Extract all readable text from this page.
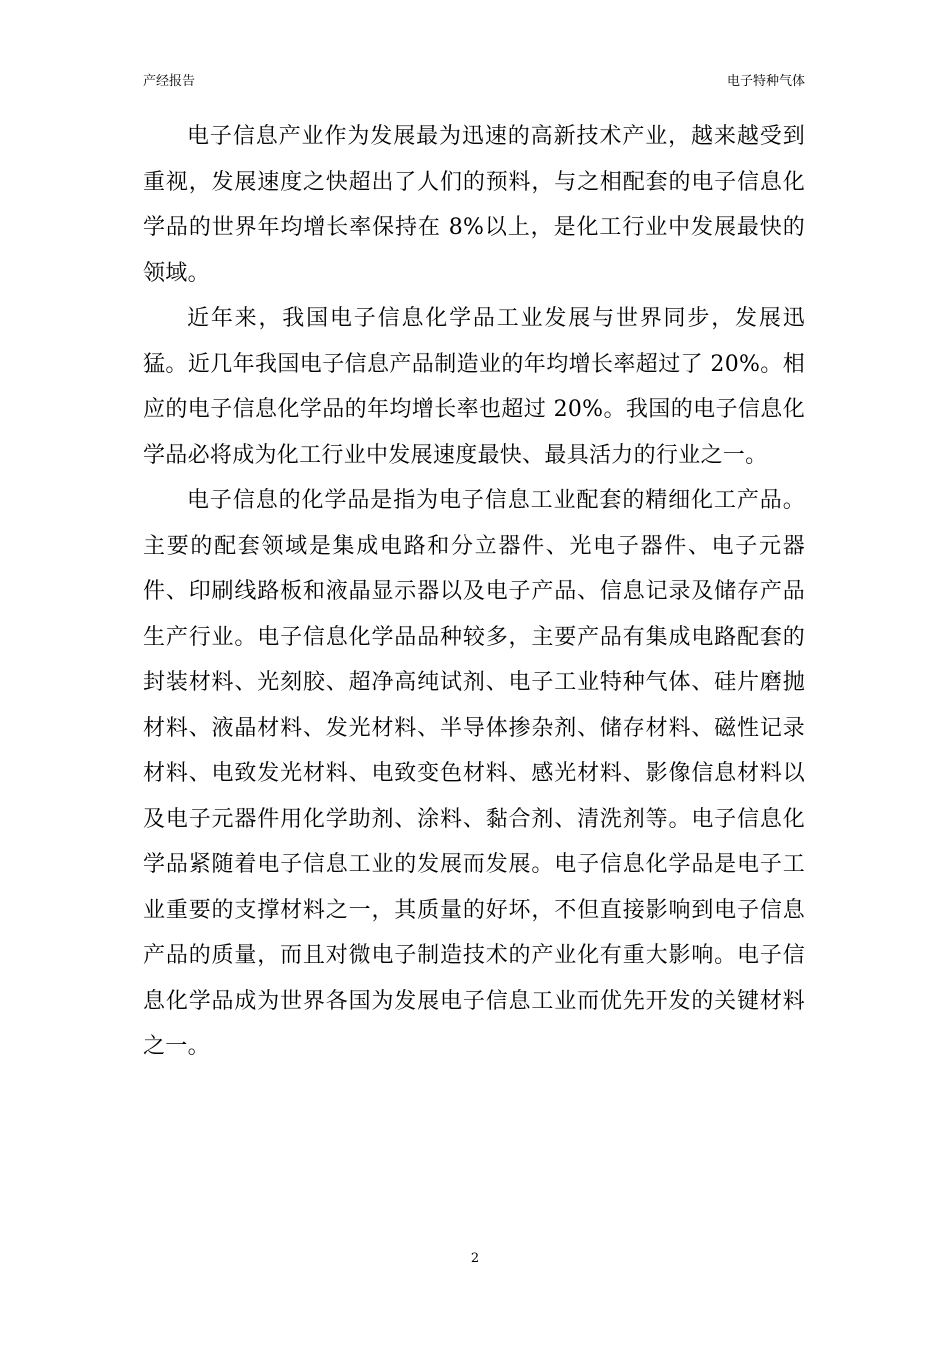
产经报告	电子特种气体

电子信息产业作为发展最为迅速的高新技术产业，越来越受到重视，发展速度之快超出了人们的预料，与之相配套的电子信息化学品的世界年均增长率保持在 8%以上，是化工行业中发展最快的领域。

近年来，我国电子信息化学品工业发展与世界同步，发展迅猛。近几年我国电子信息产品制造业的年均增长率超过了 20%。相应的电子信息化学品的年均增长率也超过 20%。我国的电子信息化学品必将成为化工行业中发展速度最快、最具活力的行业之一。

电子信息的化学品是指为电子信息工业配套的精细化工产品。主要的配套领域是集成电路和分立器件、光电子器件、电子元器件、印刷线路板和液晶显示器以及电子产品、信息记录及储存产品生产行业。电子信息化学品品种较多，主要产品有集成电路配套的封装材料、光刻胶、超净高纯试剂、电子工业特种气体、硅片磨抛材料、液晶材料、发光材料、半导体掺杂剂、储存材料、磁性记录材料、电致发光材料、电致变色材料、感光材料、影像信息材料以及电子元器件用化学助剂、涂料、黏合剂、清洗剂等。电子信息化学品紧随着电子信息工业的发展而发展。电子信息化学品是电子工业重要的支撑材料之一，其质量的好坏，不但直接影响到电子信息产品的质量，而且对微电子制造技术的产业化有重大影响。电子信息化学品成为世界各国为发展电子信息工业而优先开发的关键材料之一。

2
